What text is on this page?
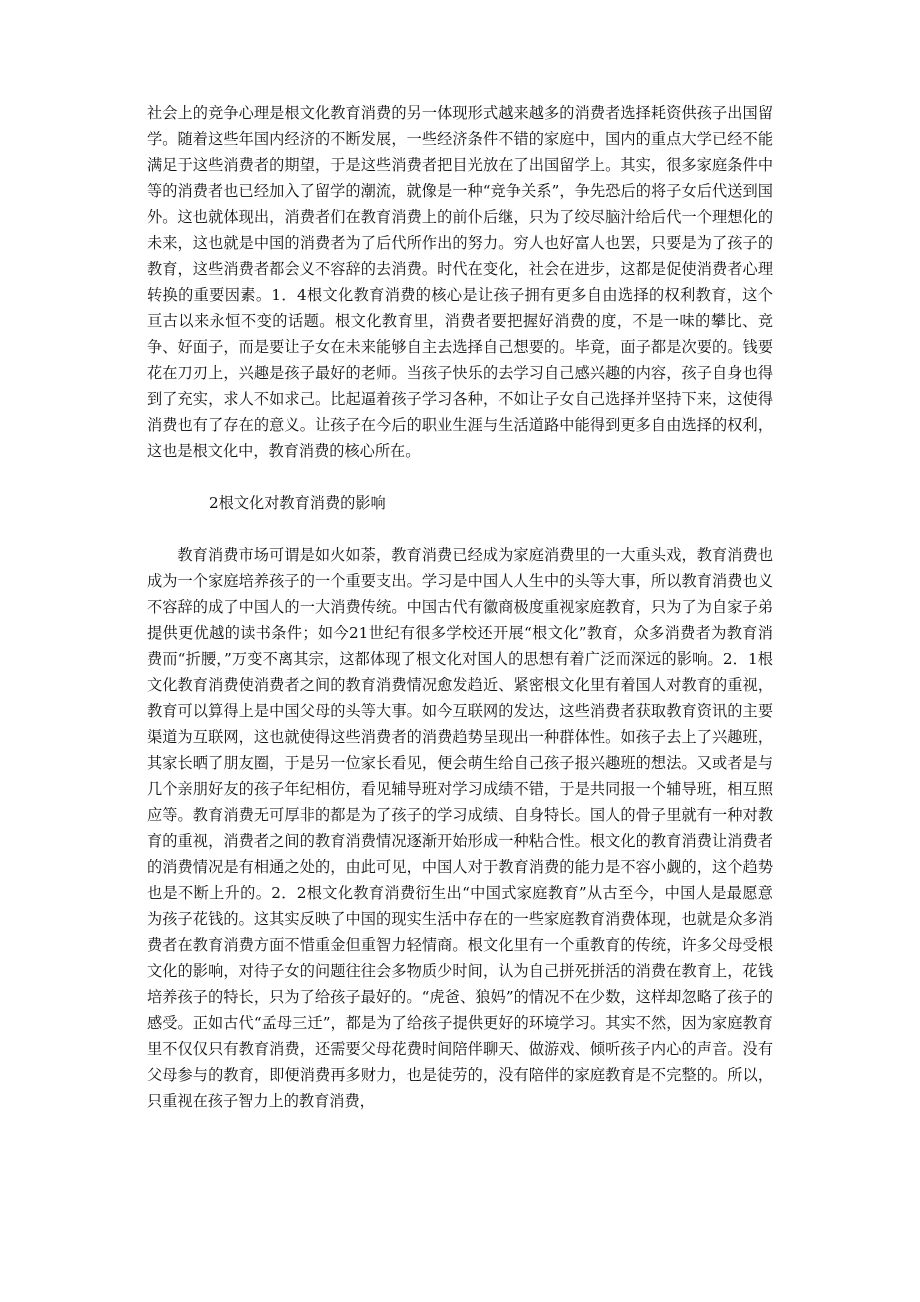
社会上的竞争心理是根文化教育消费的另一体现形式越来越多的消费者选择耗资供孩子出国留学。随着这些年国内经济的不断发展，一些经济条件不错的家庭中，国内的重点大学已经不能满足于这些消费者的期望，于是这些消费者把目光放在了出国留学上。其实，很多家庭条件中等的消费者也已经加入了留学的潮流，就像是一种“竞争关系”，争先恐后的将子女后代送到国外。这也就体现出，消费者们在教育消费上的前仆后继，只为了绞尽脑汁给后代一个理想化的未来，这也就是中国的消费者为了后代所作出的努力。穷人也好富人也罢，只要是为了孩子的教育，这些消费者都会义不容辞的去消费。时代在变化，社会在进步，这都是促使消费者心理转换的重要因素。1．4根文化教育消费的核心是让孩子拥有更多自由选择的权利教育，这个亘古以来永恒不变的话题。根文化教育里，消费者要把握好消费的度，不是一味的攀比、竞争、好面子，而是要让子女在未来能够自主去选择自己想要的。毕竟，面子都是次要的。钱要花在刀刃上，兴趣是孩子最好的老师。当孩子快乐的去学习自己感兴趣的内容，孩子自身也得到了充实，求人不如求己。比起逼着孩子学习各种，不如让子女自己选择并坚持下来，这使得消费也有了存在的意义。让孩子在今后的职业生涯与生活道路中能得到更多自由选择的权利，这也是根文化中，教育消费的核心所在。

2根文化对教育消费的影响

教育消费市场可谓是如火如荼，教育消费已经成为家庭消费里的一大重头戏，教育消费也成为一个家庭培养孩子的一个重要支出。学习是中国人人生中的头等大事，所以教育消费也义不容辞的成了中国人的一大消费传统。中国古代有徽商极度重视家庭教育，只为了为自家子弟提供更优越的读书条件；如今21世纪有很多学校还开展“根文化”教育，众多消费者为教育消费而“折腰，”万变不离其宗，这都体现了根文化对国人的思想有着广泛而深远的影响。2．1根文化教育消费使消费者之间的教育消费情况愈发趋近、紧密根文化里有着国人对教育的重视，教育可以算得上是中国父母的头等大事。如今互联网的发达，这些消费者获取教育资讯的主要渠道为互联网，这也就使得这些消费者的消费趋势呈现出一种群体性。如孩子去上了兴趣班，其家长晒了朋友圈，于是另一位家长看见，便会萌生给自己孩子报兴趣班的想法。又或者是与几个亲朋好友的孩子年纪相仿，看见辅导班对学习成绩不错，于是共同报一个辅导班，相互照应等。教育消费无可厚非的都是为了孩子的学习成绩、自身特长。国人的骨子里就有一种对教育的重视，消费者之间的教育消费情况逐渐开始形成一种粘合性。根文化的教育消费让消费者的消费情况是有相通之处的，由此可见，中国人对于教育消费的能力是不容小觑的，这个趋势也是不断上升的。2．2根文化教育消费衍生出“中国式家庭教育”从古至今，中国人是最愿意为孩子花钱的。这其实反映了中国的现实生活中存在的一些家庭教育消费体现，也就是众多消费者在教育消费方面不惜重金但重智力轻情商。根文化里有一个重教育的传统，许多父母受根文化的影响，对待子女的问题往往会多物质少时间，认为自己拼死拼活的消费在教育上，花钱培养孩子的特长，只为了给孩子最好的。“虎爸、狼妈”的情况不在少数，这样却忽略了孩子的感受。正如古代“孟母三迁”，都是为了给孩子提供更好的环境学习。其实不然，因为家庭教育里不仅仅只有教育消费，还需要父母花费时间陪伴聊天、做游戏、倾听孩子内心的声音。没有父母参与的教育，即便消费再多财力，也是徒劳的，没有陪伴的家庭教育是不完整的。所以，只重视在孩子智力上的教育消费，
